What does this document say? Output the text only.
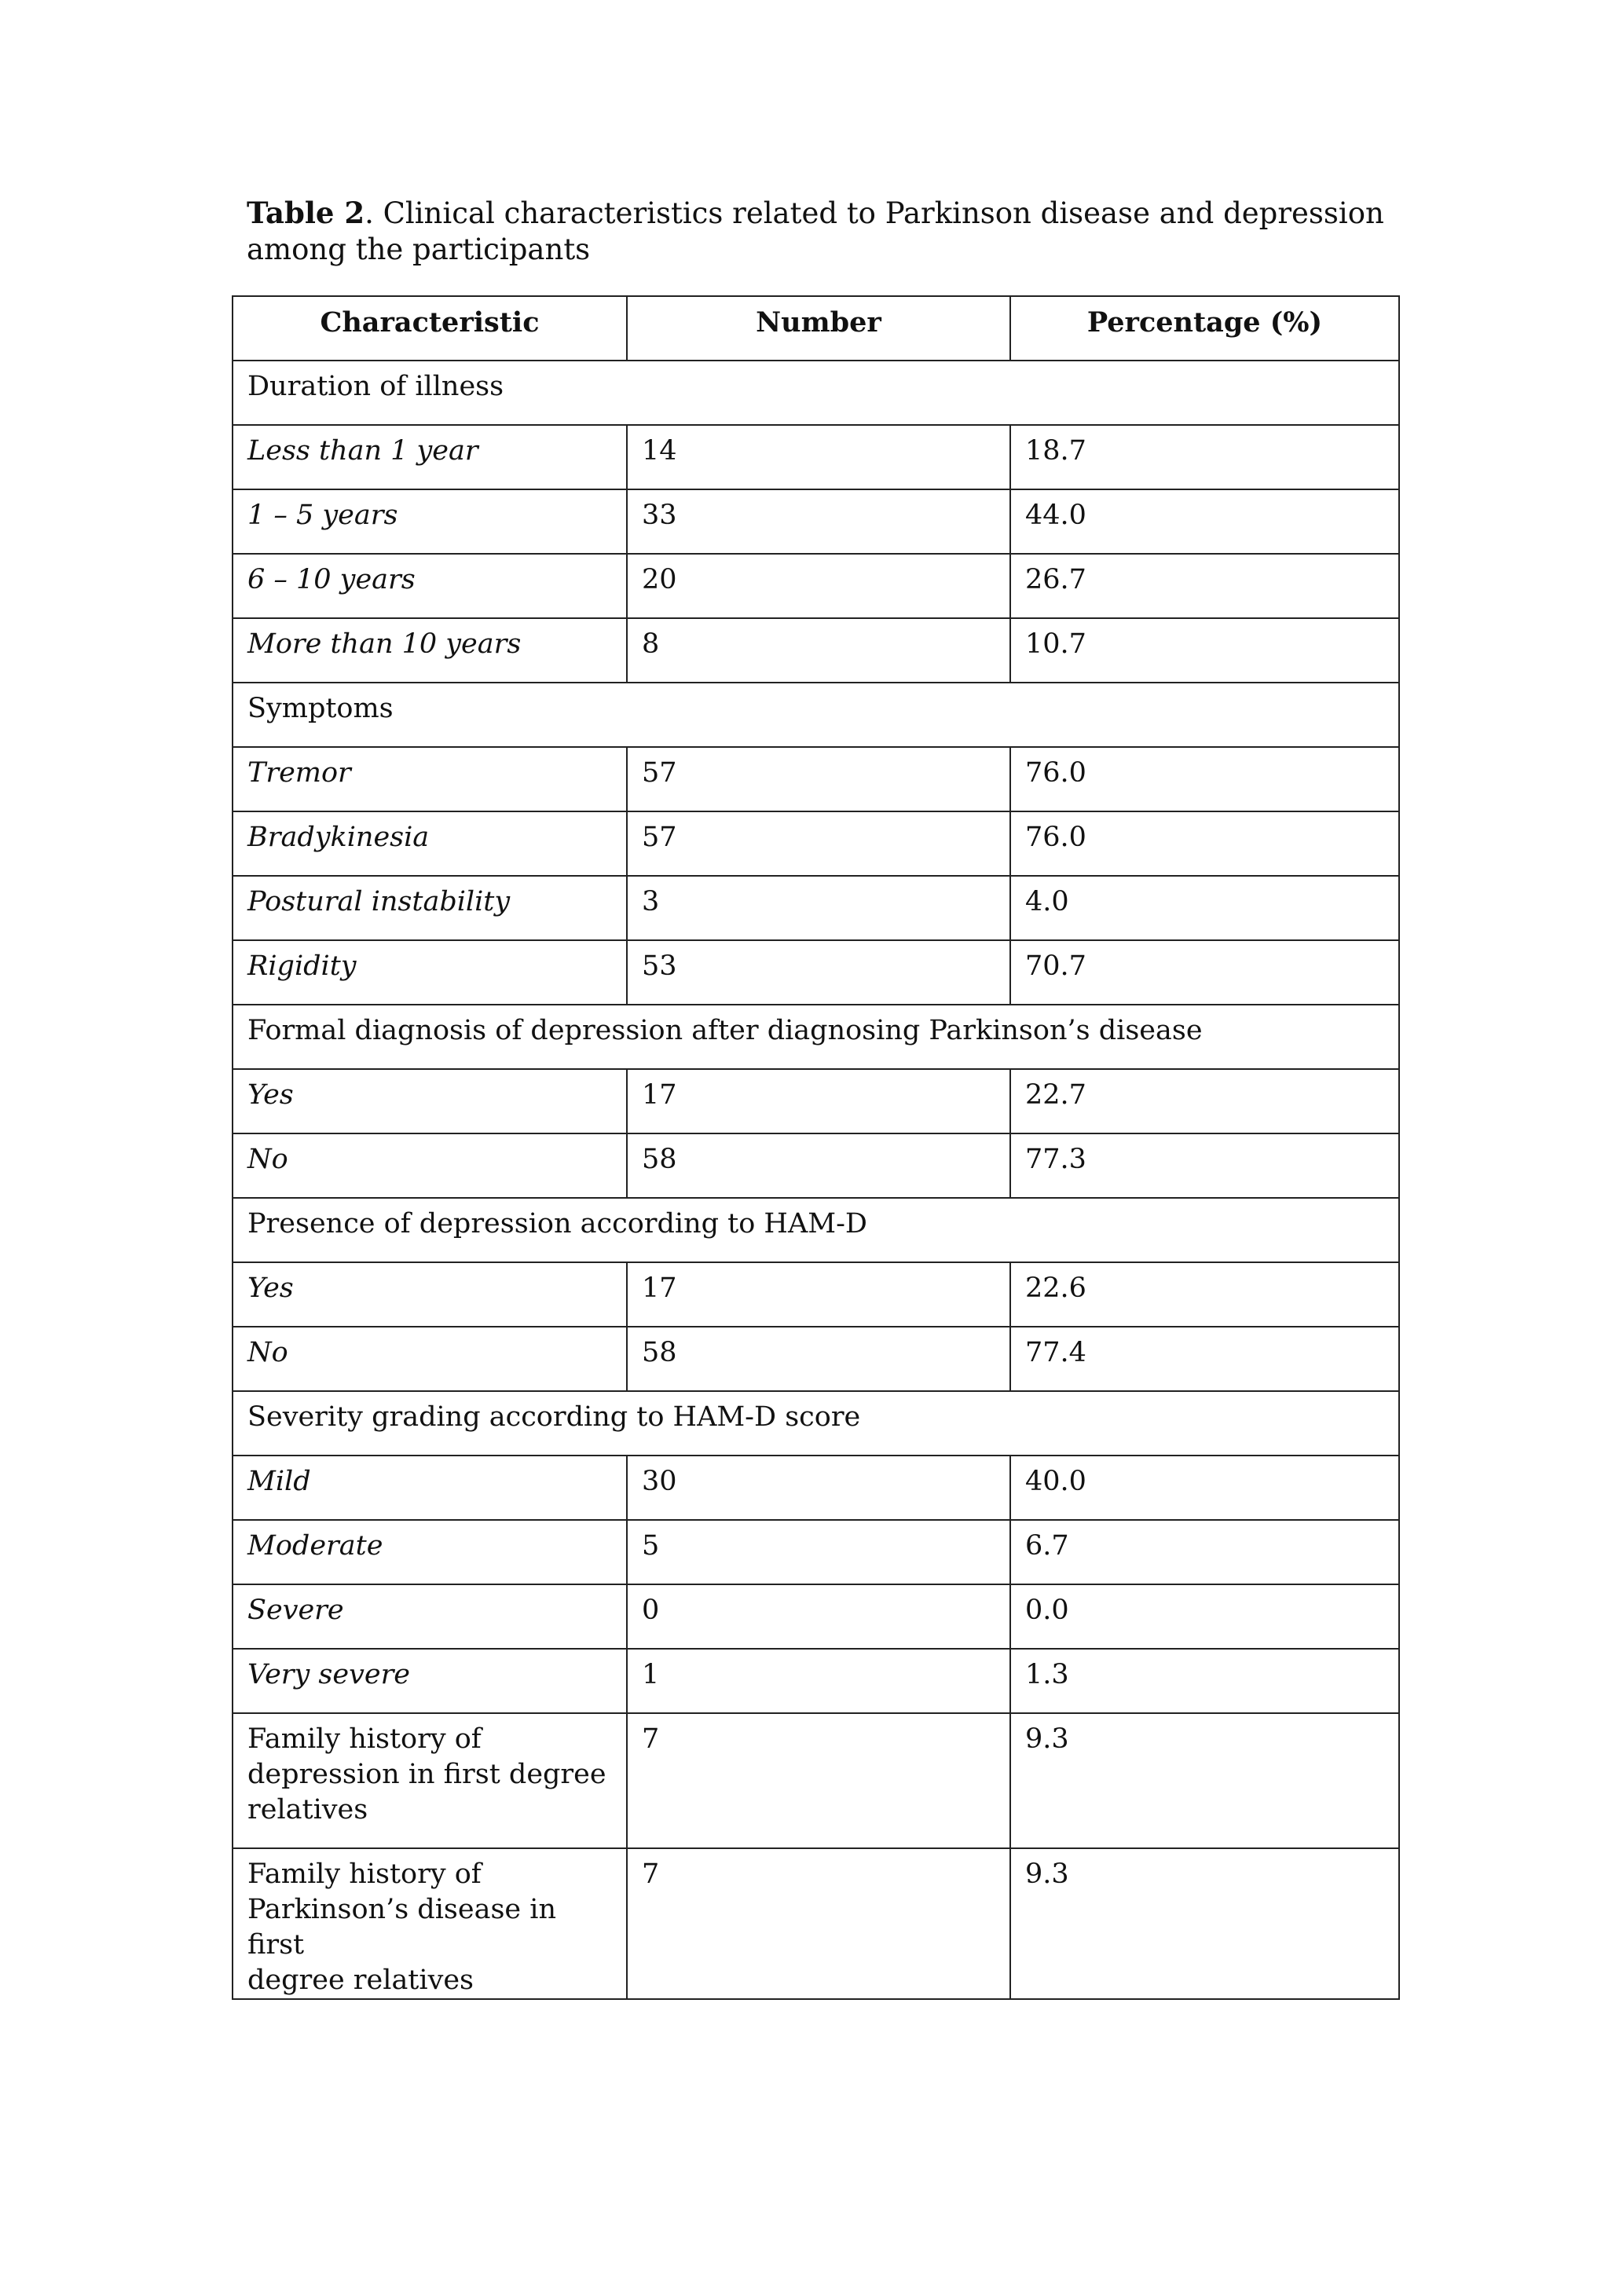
Table 2. Clinical characteristics related to Parkinson disease and depression among the participants
Characteristic	Number	Percentage (%)
Duration of illness		
Less than 1 year	14	18.7
1 – 5 years	33	44.0
6 – 10 years	20	26.7
More than 10 years	8	10.7
Symptoms		
Tremor	57	76.0
Bradykinesia	57	76.0
Postural instability	3	4.0
Rigidity	53	70.7
Formal diagnosis of depression after diagnosing Parkinson’s disease		
Yes	17	22.7
No	58	77.3
Presence of depression according to HAM-D		
Yes	17	22.6
No	58	77.4
Severity grading according to HAM-D score		
Mild	30	40.0
Moderate	5	6.7
Severe	0	0.0
Very severe	1	1.3
Family history of
depression in first degree
relatives	7	9.3
Family history of
Parkinson’s disease in first
degree relatives	7	9.3
